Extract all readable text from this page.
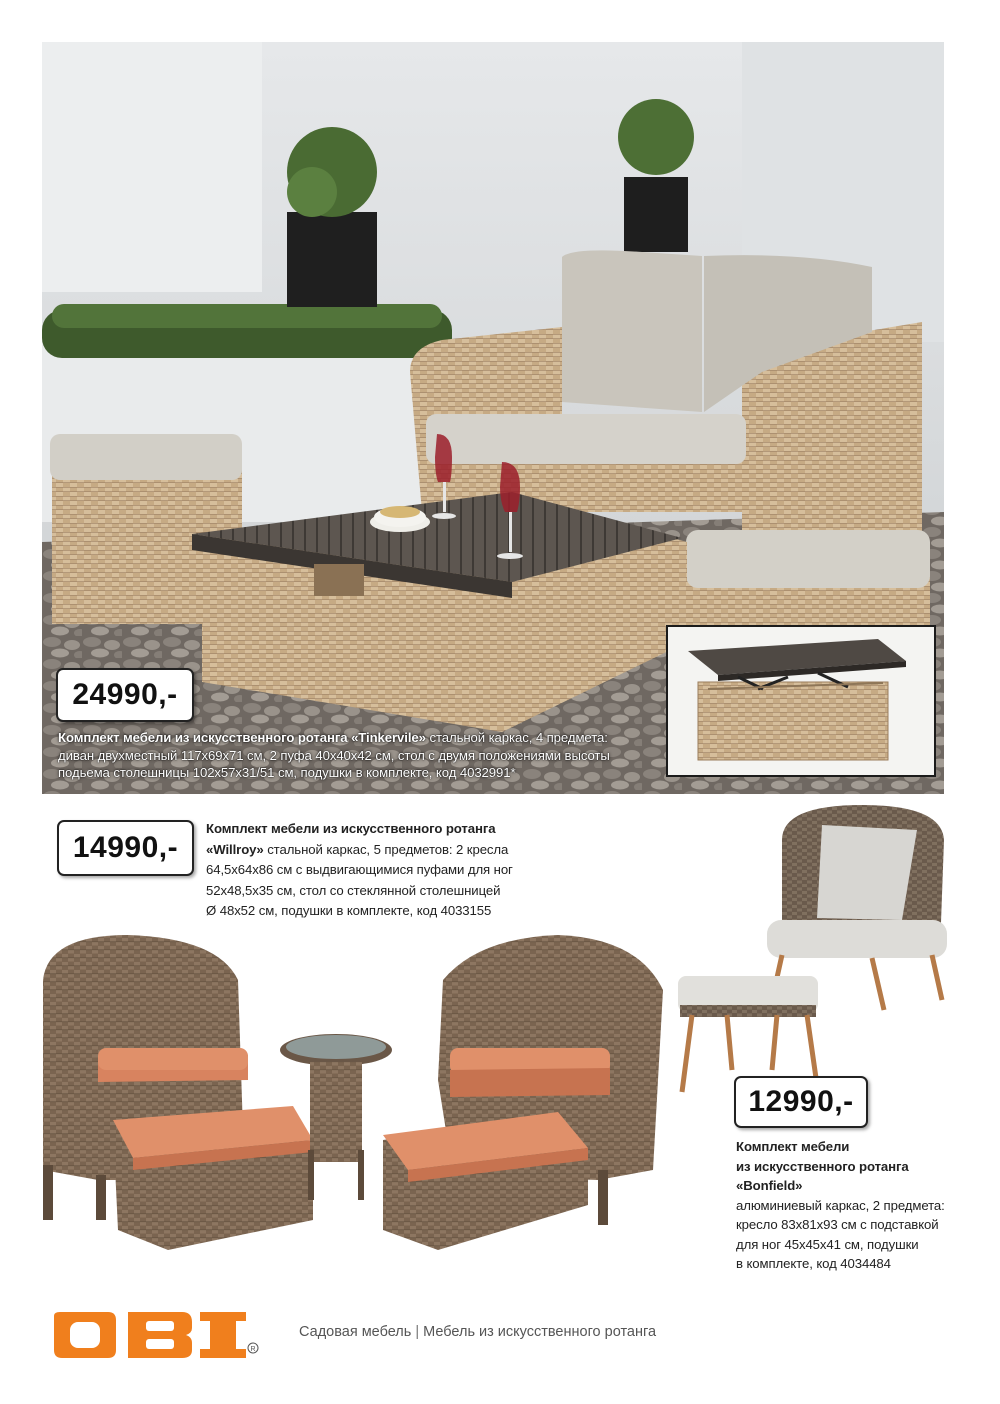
24990,-
Комплект мебели из искусственного ротанга «Tinkervile» стальной каркас, 4 предмета:
диван двухместный 117x69x71 см, 2 пуфа 40x40x42 см, стол с двумя положениями высоты
подьема столешницы 102x57x31/51 см, подушки в комплекте, код 4032991*
14990,-
Комплект мебели из искусственного ротанга
«Willroy» стальной каркас, 5 предметов: 2 кресла
64,5x64x86 см с выдвигающимися пуфами для ног
52x48,5x35 см, стол со стеклянной столешницей
Ø 48x52 см, подушки в комплекте, код 4033155
12990,-
Комплект мебели
из искусственного ротанга
«Bonfield»
алюминиевый каркас, 2 предмета:
кресло 83x81x93 см с подставкой
для ног 45x45x41 см, подушки
в комплекте, код 4034484
R
Садовая мебель | Мебель из искусственного ротанга
